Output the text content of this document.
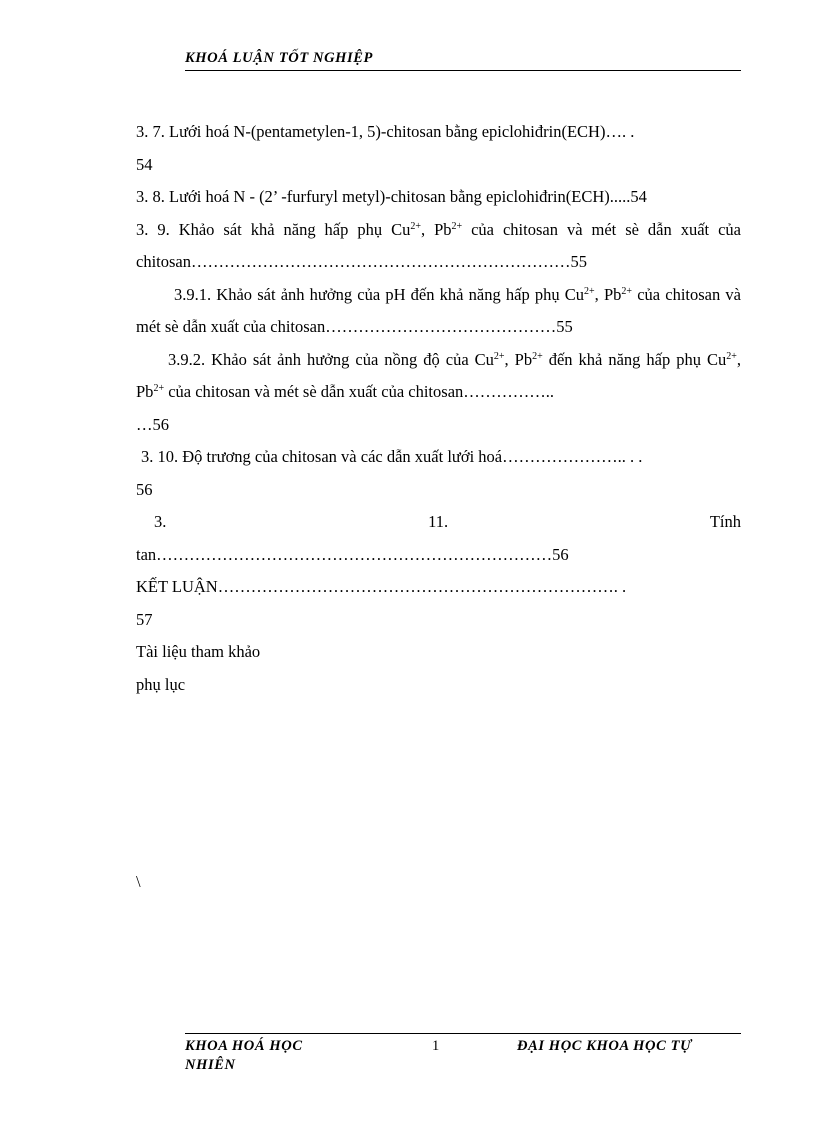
KHOÁ LUẬN TỐT NGHIỆP

3. 7. Lưới hoá N-(pentametylen-1, 5)-chitosan bằng epiclohiđrin(ECH)…. .

54

3. 8. Lưới hoá N - (2’ -furfuryl metyl)-chitosan bằng epiclohiđrin(ECH).....54

3. 9. Khảo sát khả năng hấp phụ $Cu^{2+}$, $Pb^{2+}$ của chitosan và mét sè dẫn xuất của chitosan……………………………………………………………55

3.9.1. Khảo sát ảnh hưởng của pH đến khả năng hấp phụ $Cu^{2+}$, $Pb^{2+}$ của chitosan và mét sè dẫn xuất của chitosan……………………………………55

3.9.2. Khảo sát ảnh hưởng của nồng độ của $Cu^{2+}$, $Pb^{2+}$ đến khả năng hấp phụ $Cu^{2+}$, $Pb^{2+}$ của chitosan và mét sè dẫn xuất của chitosan……………..

…56

3. 10. Độ trương của chitosan và các dẫn xuất lưới hoá………………….. . .

56

3.	11.	Tính

tan………………………………………………………………56

KẾT LUẬN………………………………………………………………. .

57

Tài liệu tham khảo

phụ lục

\
KHOA HOÁ HỌC NHIÊN
1	ĐẠI HỌC KHOA HỌC TỰ
